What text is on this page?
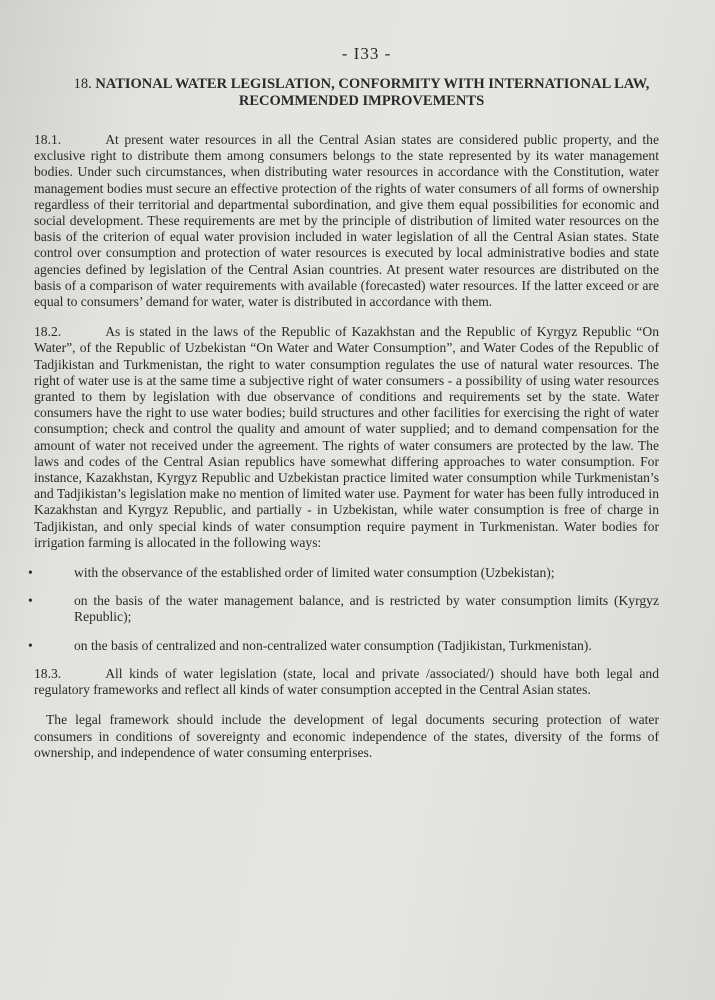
- I33 -
18. NATIONAL WATER LEGISLATION, CONFORMITY WITH INTERNATIONAL LAW,
RECOMMENDED IMPROVEMENTS

18.1.	At present water resources in all the Central Asian states are considered public property, and the exclusive right to distribute them among consumers belongs to the state represented by its water management bodies. Under such circumstances, when distributing water resources in accordance with the Constitution, water management bodies must secure an effective protection of the rights of water consumers of all forms of ownership regardless of their territorial and departmental subordination, and give them equal possibilities for economic and social development. These requirements are met by the principle of distribution of limited water resources on the basis of the criterion of equal water provision included in water legislation of all the Central Asian states. State control over consumption and protection of water resources is executed by local administrative bodies and state agencies defined by legislation of the Central Asian countries. At present water resources are distributed on the basis of a comparison of water requirements with available (forecasted) water resources. If the latter exceed or are equal to consumers’ demand for water, water is distributed in accordance with them.

18.2.	As is stated in the laws of the Republic of Kazakhstan and the Republic of Kyrgyz Republic “On Water”, of the Republic of Uzbekistan “On Water and Water Consumption”, and Water Codes of the Republic of Tadjikistan and Turkmenistan, the right to water consumption regulates the use of natural water resources. The right of water use is at the same time a subjective right of water consumers - a possibility of using water resources granted to them by legislation with due observance of conditions and requirements set by the state. Water consumers have the right to use water bodies; build structures and other facilities for exercising the right of water consumption; check and control the quality and amount of water supplied; and to demand compensation for the amount of water not received under the agreement. The rights of water consumers are protected by the law. The laws and codes of the Central Asian republics have somewhat differing approaches to water consumption. For instance, Kazakhstan, Kyrgyz Republic and Uzbekistan practice limited water consumption while Turkmenistan’s and Tadjikistan’s legislation make no mention of limited water use. Payment for water has been fully introduced in Kazakhstan and Kyrgyz Republic, and partially - in Uzbekistan, while water consumption is free of charge in Tadjikistan, and only special kinds of water consumption require payment in Turkmenistan. Water bodies for irrigation farming is allocated in the following ways:

•	with the observance of the established order of limited water consumption (Uzbekistan);
•	on the basis of the water management balance, and is restricted by water consumption limits (Kyrgyz Republic);
•	on the basis of centralized and non-centralized water consumption (Tadjikistan, Turkmenistan).

18.3.	All kinds of water legislation (state, local and private /associated/) should have both legal and regulatory frameworks and reflect all kinds of water consumption accepted in the Central Asian states.

The legal framework should include the development of legal documents securing protection of water consumers in conditions of sovereignty and economic independence of the states, diversity of the forms of ownership, and independence of water consuming enterprises.
